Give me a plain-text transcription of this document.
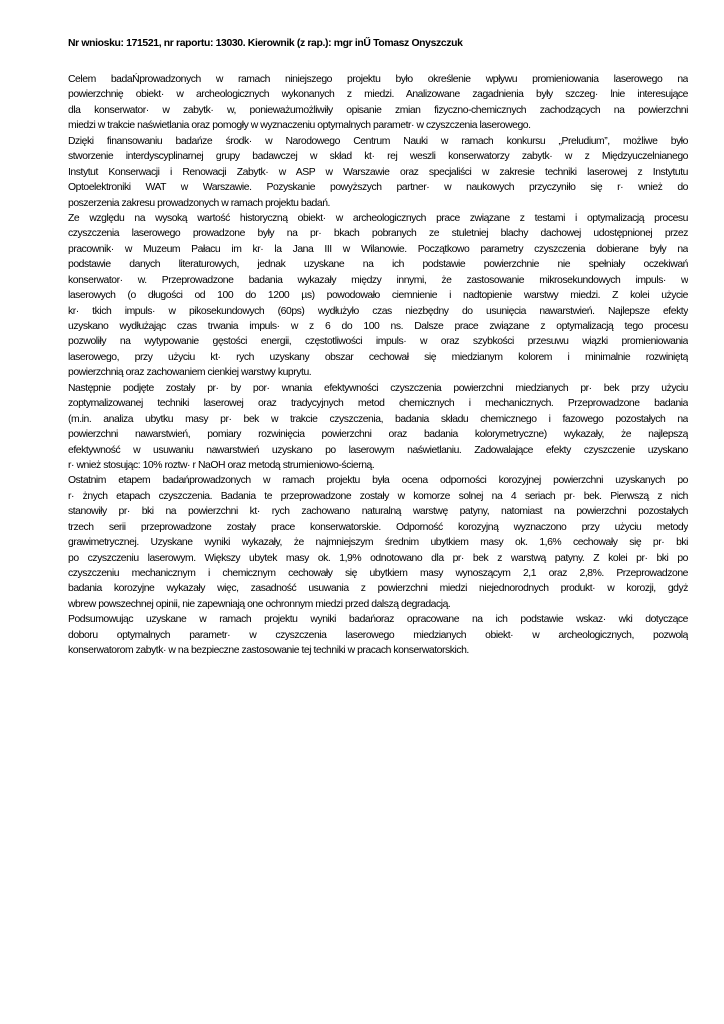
Nr wniosku: 171521, nr raportu: 13030. Kierownik (z rap.): mgr inŰ Tomasz Onyszczuk
Celem badaŃprowadzonych w ramach niniejszego projektu było określenie wpływu promieniowania laserowego na
powierzchnię obiekt· w archeologicznych wykonanych z miedzi. Analizowane zagadnienia były szczeg· lnie interesujące
dla konserwator· w zabytk· w, ponieważumożliwiły opisanie zmian fizyczno-chemicznych zachodzących na powierzchni
miedzi w trakcie naświetlania oraz pomogły w wyznaczeniu optymalnych parametr· w czyszczenia laserowego.
Dzięki finansowaniu badańze środk· w Narodowego Centrum Nauki w ramach konkursu „Preludium”, możliwe było
stworzenie interdyscyplinarnej grupy badawczej w skład kt· rej weszli konserwatorzy zabytk· w z Międzyuczelnianego
Instytut Konserwacji i Renowacji Zabytk· w ASP w Warszawie oraz specjaliści w zakresie techniki laserowej z Instytutu
Optoelektroniki WAT w Warszawie. Pozyskanie powyższych partner· w naukowych przyczyniło się r· wnież do
poszerzenia zakresu prowadzonych w ramach projektu badań.
Ze względu na wysoką wartość historyczną obiekt· w archeologicznych prace związane z testami i optymalizacją procesu
czyszczenia laserowego prowadzone były na pr· bkach pobranych ze stuletniej blachy dachowej udostępnionej przez
pracownik· w Muzeum Pałacu im kr· la Jana III w Wilanowie. Początkowo parametry czyszczenia dobierane były na
podstawie danych literaturowych, jednak uzyskane na ich podstawie powierzchnie nie spełniały oczekiwań
konserwator· w. Przeprowadzone badania wykazały między innymi, że zastosowanie mikrosekundowych impuls· w
laserowych (o długości od 100 do 1200 µs) powodowało ciemnienie i nadtopienie warstwy miedzi. Z kolei użycie
kr· tkich impuls· w pikosekundowych (60ps) wydłużyło czas niezbędny do usunięcia nawarstwień. Najlepsze efekty
uzyskano wydłużając czas trwania impuls· w z 6 do 100 ns. Dalsze prace związane z optymalizacją tego procesu
pozwoliły na wytypowanie gęstości energii, częstotliwości impuls· w oraz szybkości przesuwu wiązki promieniowania
laserowego, przy użyciu kt· rych uzyskany obszar cechował się miedzianym kolorem i minimalnie rozwiniętą
powierzchnią oraz zachowaniem cienkiej warstwy kuprytu.
Następnie podjęte zostały pr· by por· wnania efektywności czyszczenia powierzchni miedzianych pr· bek przy użyciu
zoptymalizowanej techniki laserowej oraz tradycyjnych metod chemicznych i mechanicznych. Przeprowadzone badania
(m.in. analiza ubytku masy pr· bek w trakcie czyszczenia, badania składu chemicznego i fazowego pozostałych na
powierzchni nawarstwień, pomiary rozwinięcia powierzchni oraz badania kolorymetryczne) wykazały, że najlepszą
efektywność w usuwaniu nawarstwień uzyskano po laserowym naświetlaniu. Zadowalające efekty czyszczenie uzyskano
r· wnież stosując: 10% roztw· r NaOH oraz metodą strumieniowo-ścierną.
Ostatnim etapem badańprowadzonych w ramach projektu była ocena odporności korozyjnej powierzchni uzyskanych po
r· żnych etapach czyszczenia. Badania te przeprowadzone zostały w komorze solnej na 4 seriach pr· bek. Pierwszą z nich
stanowiły pr· bki na powierzchni kt· rych zachowano naturalną warstwę patyny, natomiast na powierzchni pozostałych
trzech serii przeprowadzone zostały prace konserwatorskie. Odporność korozyjną wyznaczono przy użyciu metody
grawimetrycznej. Uzyskane wyniki wykazały, że najmniejszym średnim ubytkiem masy ok. 1,6% cechowały się pr· bki
po czyszczeniu laserowym. Większy ubytek masy ok. 1,9% odnotowano dla pr· bek z warstwą patyny. Z kolei pr· bki po
czyszczeniu mechanicznym i chemicznym cechowały się ubytkiem masy wynoszącym 2,1 oraz 2,8%. Przeprowadzone
badania korozyjne wykazały więc, zasadność usuwania z powierzchni miedzi niejednorodnych produkt· w korozji, gdyż
wbrew powszechnej opinii, nie zapewniają one ochronnym miedzi przed dalszą degradacją.
Podsumowując uzyskane w ramach projektu wyniki badańoraz opracowane na ich podstawie wskaz· wki dotyczące
doboru optymalnych parametr· w czyszczenia laserowego miedzianych obiekt· w archeologicznych, pozwolą
konserwatorom zabytk· w na bezpieczne zastosowanie tej techniki w pracach konserwatorskich.
